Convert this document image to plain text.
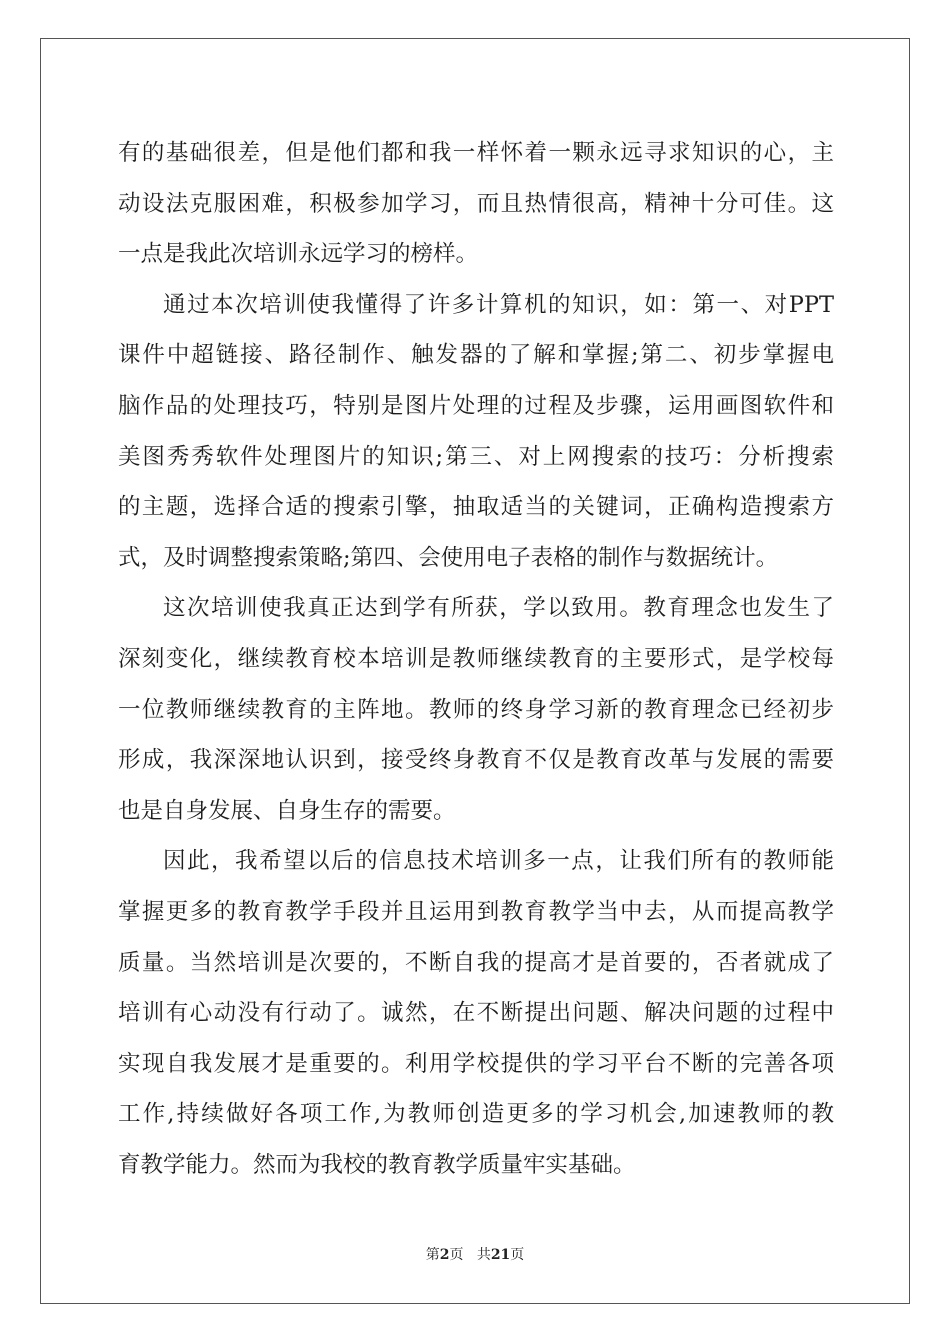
有的基础很差，但是他们都和我一样怀着一颗永远寻求知识的心，主
动设法克服困难，积极参加学习，而且热情很高，精神十分可佳。这
一点是我此次培训永远学习的榜样。
通过本次培训使我懂得了许多计算机的知识，如：第一、对PPT
课件中超链接、路径制作、触发器的了解和掌握;第二、初步掌握电
脑作品的处理技巧，特别是图片处理的过程及步骤，运用画图软件和
美图秀秀软件处理图片的知识;第三、对上网搜索的技巧：分析搜索
的主题，选择合适的搜索引擎，抽取适当的关键词，正确构造搜索方
式，及时调整搜索策略;第四、会使用电子表格的制作与数据统计。
这次培训使我真正达到学有所获，学以致用。教育理念也发生了
深刻变化，继续教育校本培训是教师继续教育的主要形式，是学校每
一位教师继续教育的主阵地。教师的终身学习新的教育理念已经初步
形成，我深深地认识到，接受终身教育不仅是教育改革与发展的需要
也是自身发展、自身生存的需要。
因此，我希望以后的信息技术培训多一点，让我们所有的教师能
掌握更多的教育教学手段并且运用到教育教学当中去，从而提高教学
质量。当然培训是次要的，不断自我的提高才是首要的，否者就成了
培训有心动没有行动了。诚然，在不断提出问题、解决问题的过程中
实现自我发展才是重要的。利用学校提供的学习平台不断的完善各项
工作,持续做好各项工作,为教师创造更多的学习机会,加速教师的教
育教学能力。然而为我校的教育教学质量牢实基础。
第2页 共21页
